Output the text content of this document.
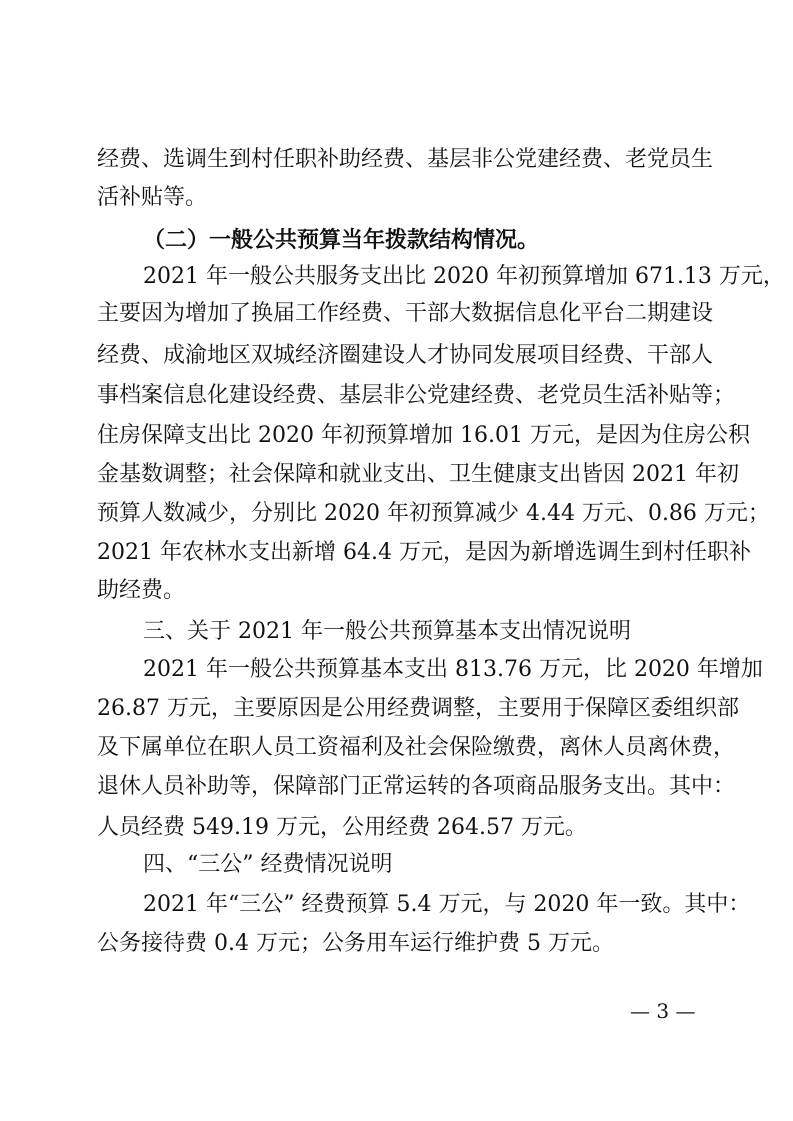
经费、选调生到村任职补助经费、基层非公党建经费、老党员生
活补贴等。
（二）一般公共预算当年拨款结构情况。
2021 年一般公共服务支出比 2020 年初预算增加 671.13 万元，
主要因为增加了换届工作经费、干部大数据信息化平台二期建设
经费、成渝地区双城经济圈建设人才协同发展项目经费、干部人
事档案信息化建设经费、基层非公党建经费、老党员生活补贴等；
住房保障支出比 2020 年初预算增加 16.01 万元，是因为住房公积
金基数调整；社会保障和就业支出、卫生健康支出皆因 2021 年初
预算人数减少，分别比 2020 年初预算减少 4.44 万元、0.86 万元；
2021 年农林水支出新增 64.4 万元，是因为新增选调生到村任职补
助经费。
三、关于 2021 年一般公共预算基本支出情况说明
2021 年一般公共预算基本支出 813.76 万元，比 2020 年增加
26.87 万元，主要原因是公用经费调整，主要用于保障区委组织部
及下属单位在职人员工资福利及社会保险缴费，离休人员离休费，
退休人员补助等，保障部门正常运转的各项商品服务支出。其中：
人员经费 549.19 万元，公用经费 264.57 万元。
四、“三公” 经费情况说明
2021 年“三公” 经费预算 5.4 万元，与 2020 年一致。其中：
公务接待费 0.4 万元；公务用车运行维护费 5 万元。
— 3 —
